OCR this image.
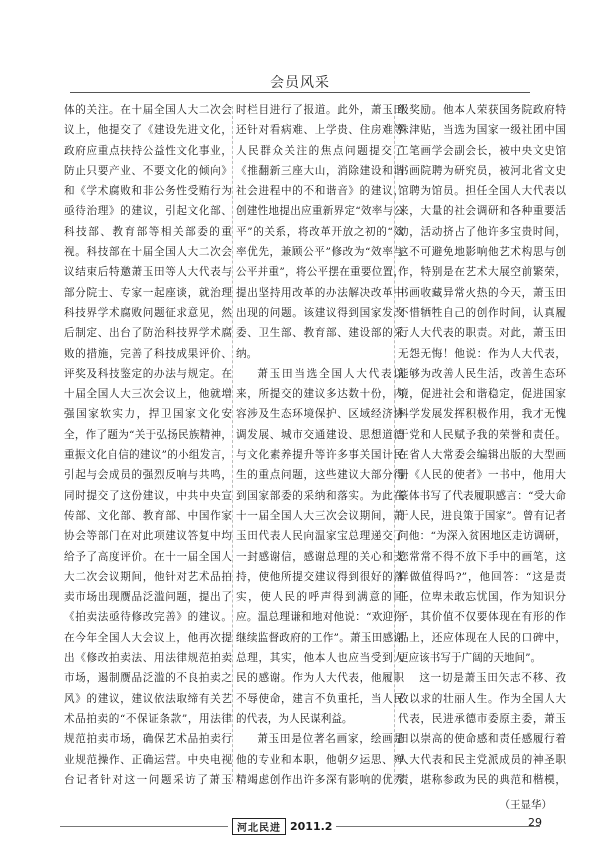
会员风采

体的关注。在十届全国人大二次会议上，他提交了《建设先进文化，政府应重点扶持公益性文化事业，防止只要产业、不要文化的倾向》和《学术腐败和非公务性受贿行为亟待治理》的建议，引起文化部、科技部、教育部等相关部委的重视。科技部在十届全国人大二次会议结束后特邀萧玉田等人大代表与部分院士、专家一起座谈，就治理科技界学术腐败问题征求意见，然后制定、出台了防治科技界学术腐败的措施，完善了科技成果评价、评奖及科技鉴定的办法与规定。在十届全国人大三次会议上，他就增强国家软实力，捍卫国家文化安全，作了题为“关于弘扬民族精神，重振文化自信的建议”的小组发言，引起与会成员的强烈反响与共鸣，同时提交了这份建议，中共中央宣传部、文化部、教育部、中国作家协会等部门在对此项建议答复中均给予了高度评价。在十一届全国人大二次会议期间，他针对艺术品拍卖市场出现赝品泛滥问题，提出了《拍卖法亟待修改完善》的建议。在今年全国人大会议上，他再次提出《修改拍卖法、用法律规范拍卖市场，遏制赝品泛滥的不良拍卖之风》的建议，建议依法取缔有关艺术品拍卖的“不保证条款”，用法律规范拍卖市场，确保艺术品拍卖行业规范操作、正确运营。中央电视台记者针对这一问题采访了萧玉

时栏目进行了报道。此外，萧玉田还针对看病难、上学贵、住房难等人民群众关注的焦点问题提交了《推翻新三座大山，消除建设和谐社会进程中的不和谐音》的建议，创建性地提出应重新界定“效率与公平”的关系，将改革开放之初的“效率优先，兼顾公平”修改为“效率与公平并重”，将公平摆在重要位置，提出坚持用改革的办法解决改革中出现的问题。该建议得到国家发改委、卫生部、教育部、建设部的采纳。

萧玉田当选全国人大代表以来，所提交的建议多达数十份，内容涉及生态环境保护、区域经济协调发展、城市交通建设、思想道德与文化素养提升等许多事关国计民生的重点问题，这些建议大部分得到国家部委的采纳和落实。为此在十一届全国人大三次会议期间，萧玉田代表人民向温家宝总理递交了一封感谢信，感谢总理的关心和支持，使他所提交建议得到很好的落实，使人民的呼声得到满意的回应。温总理谦和地对他说：“欢迎你继续监督政府的工作”。萧玉田感谢总理，其实，他本人也应当受到人民的感谢。作为人大代表，他履职不辱使命，建言不负重托，当人民的代表，为人民谋利益。

萧玉田是位著名画家，绘画是他的专业和本职，他朝夕运思、殚精竭虑创作出许多深有影响的优秀

级奖励。他本人荣获国务院政府特殊津贴，当选为国家一级社团中国工笔画学会副会长，被中央文史馆书画院聘为研究员，被河北省文史馆聘为馆员。担任全国人大代表以来，大量的社会调研和各种重要活动，活动挤占了他许多宝贵时间，这不可避免地影响他艺术构思与创作，特别是在艺术大展空前繁荣，书画收藏异常火热的今天，萧玉田不惜牺牲自己的创作时间，认真履行人大代表的职责。对此，萧玉田无怨无悔！他说：作为人大代表，能够为改善人民生活，改善生态环境，促进社会和谐稳定，促进国家科学发展发挥积极作用，我才无愧于党和人民赋予我的荣誉和责任。在省人大常委会编辑出版的大型画册《人民的使者》一书中，他用大篆体书写了代表履职感言：“受大命于人民，进良策于国家”。曾有记者问他：“为深入贫困地区走访调研，您常常不得不放下手中的画笔，这样做值得吗?”，他回答：“这是责任，位卑未敢忘忧国，作为知识分子，其价值不仅要体现在有形的作品上，还应体现在人民的口碑中，更应该书写于广阔的天地间”。

这一切是萧玉田矢志不移、孜孜以求的壮丽人生。作为全国人大代表，民进承德市委原主委，萧玉田以崇高的使命感和责任感履行着人大代表和民主党派成员的神圣职责，堪称参政为民的典范和楷模，

（王显华）
河北民进 2011.2	29
